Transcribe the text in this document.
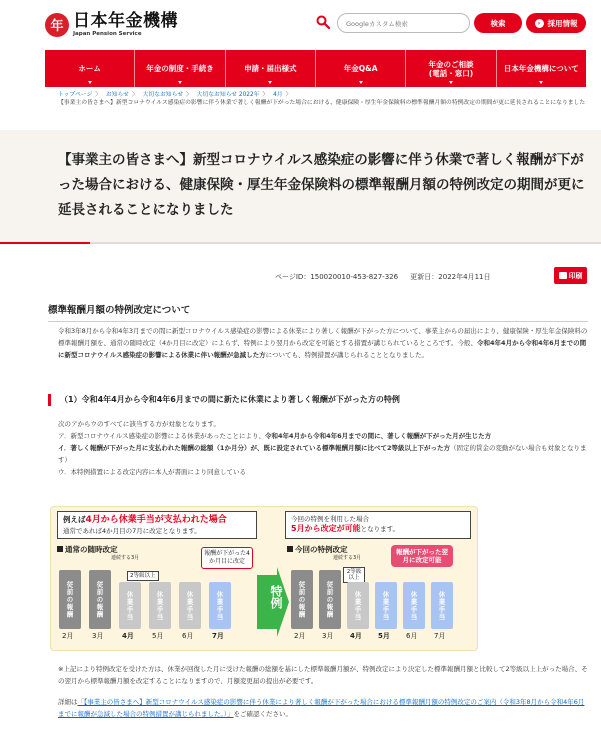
年 日本年金機構
Japan Pension Service
Googleカスタム検索	検索	› 採用情報
ホーム	年金の制度・手続き	申請・届出様式	年金Q&A	年金のご相談
(電話・窓口)	日本年金機構について
トップページ 〉 お知らせ 〉 大切なお知らせ 〉 大切なお知らせ 2022年 〉 4月 〉
【事業主の皆さまへ】新型コロナウイルス感染症の影響に伴う休業で著しく報酬が下がった場合における、健康保険・厚生年金保険料の標準報酬月額の特例改定の期間が更に延長されることになりました
【事業主の皆さまへ】新型コロナウイルス感染症の影響に伴う休業で著しく報酬が下がった場合における、健康保険・厚生年金保険料の標準報酬月額の特例改定の期間が更に延長されることになりました
ページID：150020010-453-827-326 更新日：2022年4月11日	印刷
標準報酬月額の特例改定について

令和3年8月から令和4年3月までの間に新型コロナウイルス感染症の影響による休業により著しく報酬が下がった方について、事業主からの届出により、健康保険・厚生年金保険料の標準報酬月額を、通常の随時改定（4か月目に改定）によらず、特例により翌月から改定を可能とする措置が講じられているところです。今般、令和4年4月から令和4年6月までの間に新型コロナウイルス感染症の影響による休業に伴い報酬が急減した方についても、特例措置が講じられることとなりました。

（1）令和4年4月から令和4年6月までの間に新たに休業により著しく報酬が下がった方の特例
次のアからウのすべてに該当する方が対象となります。
ア．新型コロナウイルス感染症の影響による休業があったことにより、令和4年4月から令和4年6月までの間に、著しく報酬が下がった月が生じた方
イ．著しく報酬が下がった月に支払われた報酬の総額（1か月分）が、既に設定されている標準報酬月額に比べて2等級以上下がった方（固定的賃金の変動がない場合も対象となります）
ウ．本特例措置による改定内容に本人が書面により同意している
例えば4月から休業手当が支払われた場合
通常であれば4か月目の7月に改定となります。
今回の特例を利用した場合
5月から改定が可能となります。
通常の随時改定	今回の特例改定
連続する3月	連続する3月
報酬が下がった4か月目に改定
報酬が下がった翌月に改定可能
2等級以上
2等級以上
従前の報酬	従前の報酬	休業手当	休業手当	休業手当	休業手当
2月	3月	4月	5月	6月	7月
特例	従前の報酬	従前の報酬	休業手当	休業手当	休業手当	休業手当
2月 3月 4月 5月 6月 7月

※上記により特例改定を受けた方は、休業が回復した月に受けた報酬の総額を基にした標準報酬月額が、特例改定により決定した標準報酬月額と比較して2等級以上上がった場合、その翌月から標準報酬月額を改定することになりますので、月額変更届の提出が必要です。

詳細は「【事業主の皆さまへ】新型コロナウイルス感染症の影響に伴う休業により著しく報酬が下がった場合における標準報酬月額の特例改定のご案内（令和3年8月から令和4年6月までに報酬が急減した場合の特例措置が講じられました。）」をご確認ください。
